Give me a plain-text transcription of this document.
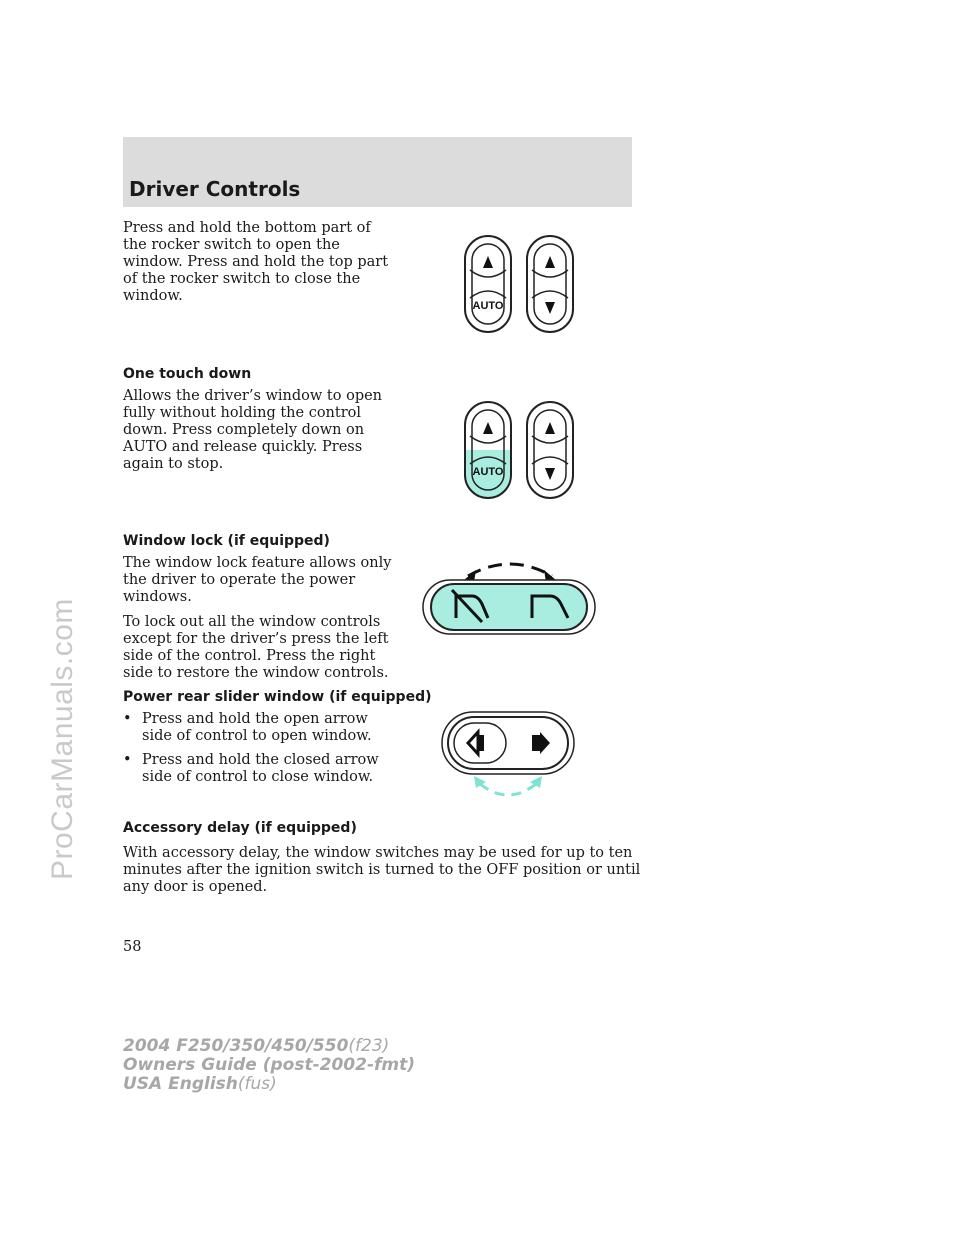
ProCarManuals.com
Driver Controls

Press and hold the bottom part of
the rocker switch to open the
window. Press and hold the top part
of the rocker switch to close the
window.

AUTO
One touch down

Allows the driver’s window to open
fully without holding the control
down. Press completely down on
AUTO and release quickly. Press
again to stop.	AUTO
Window lock (if equipped)

The window lock feature allows only
the driver to operate the power
windows.

To lock out all the window controls
except for the driver’s press the left
side of the control. Press the right
side to restore the window controls.

Power rear slider window (if equipped)
• Press and hold the open arrow
side of control to open window.
• Press and hold the closed arrow
side of control to close window.
Accessory delay (if equipped)

With accessory delay, the window switches may be used for up to ten
minutes after the ignition switch is turned to the OFF position or until
any door is opened.

58

2004 F250/350/450/550(f23)
Owners Guide (post-2002-fmt)
USA English(fus)
